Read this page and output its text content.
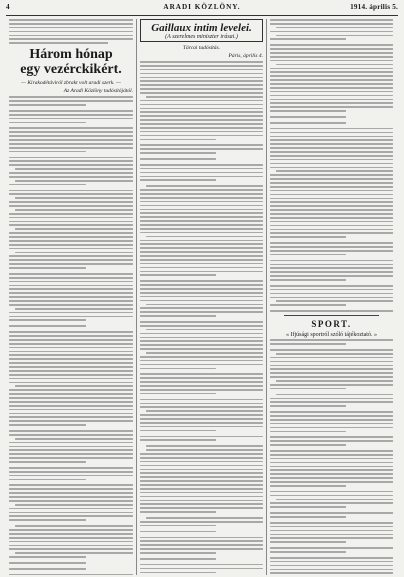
4	ARADI KÖZLÖNY.	1914. április 5.
Három hónap
egy vezérckikért.
— Kirakodétáviról zbrakt volt aradi szerk. —
Az Aradi Közlöny tudósítójától.
Gaillaux intim levelei.
(A szerelmes miniszter irásai.)
Tárcai tudósítás.
Páris, április 4.
SPORT.
« Ifjúsági sportról szóló tájékoztató. »
